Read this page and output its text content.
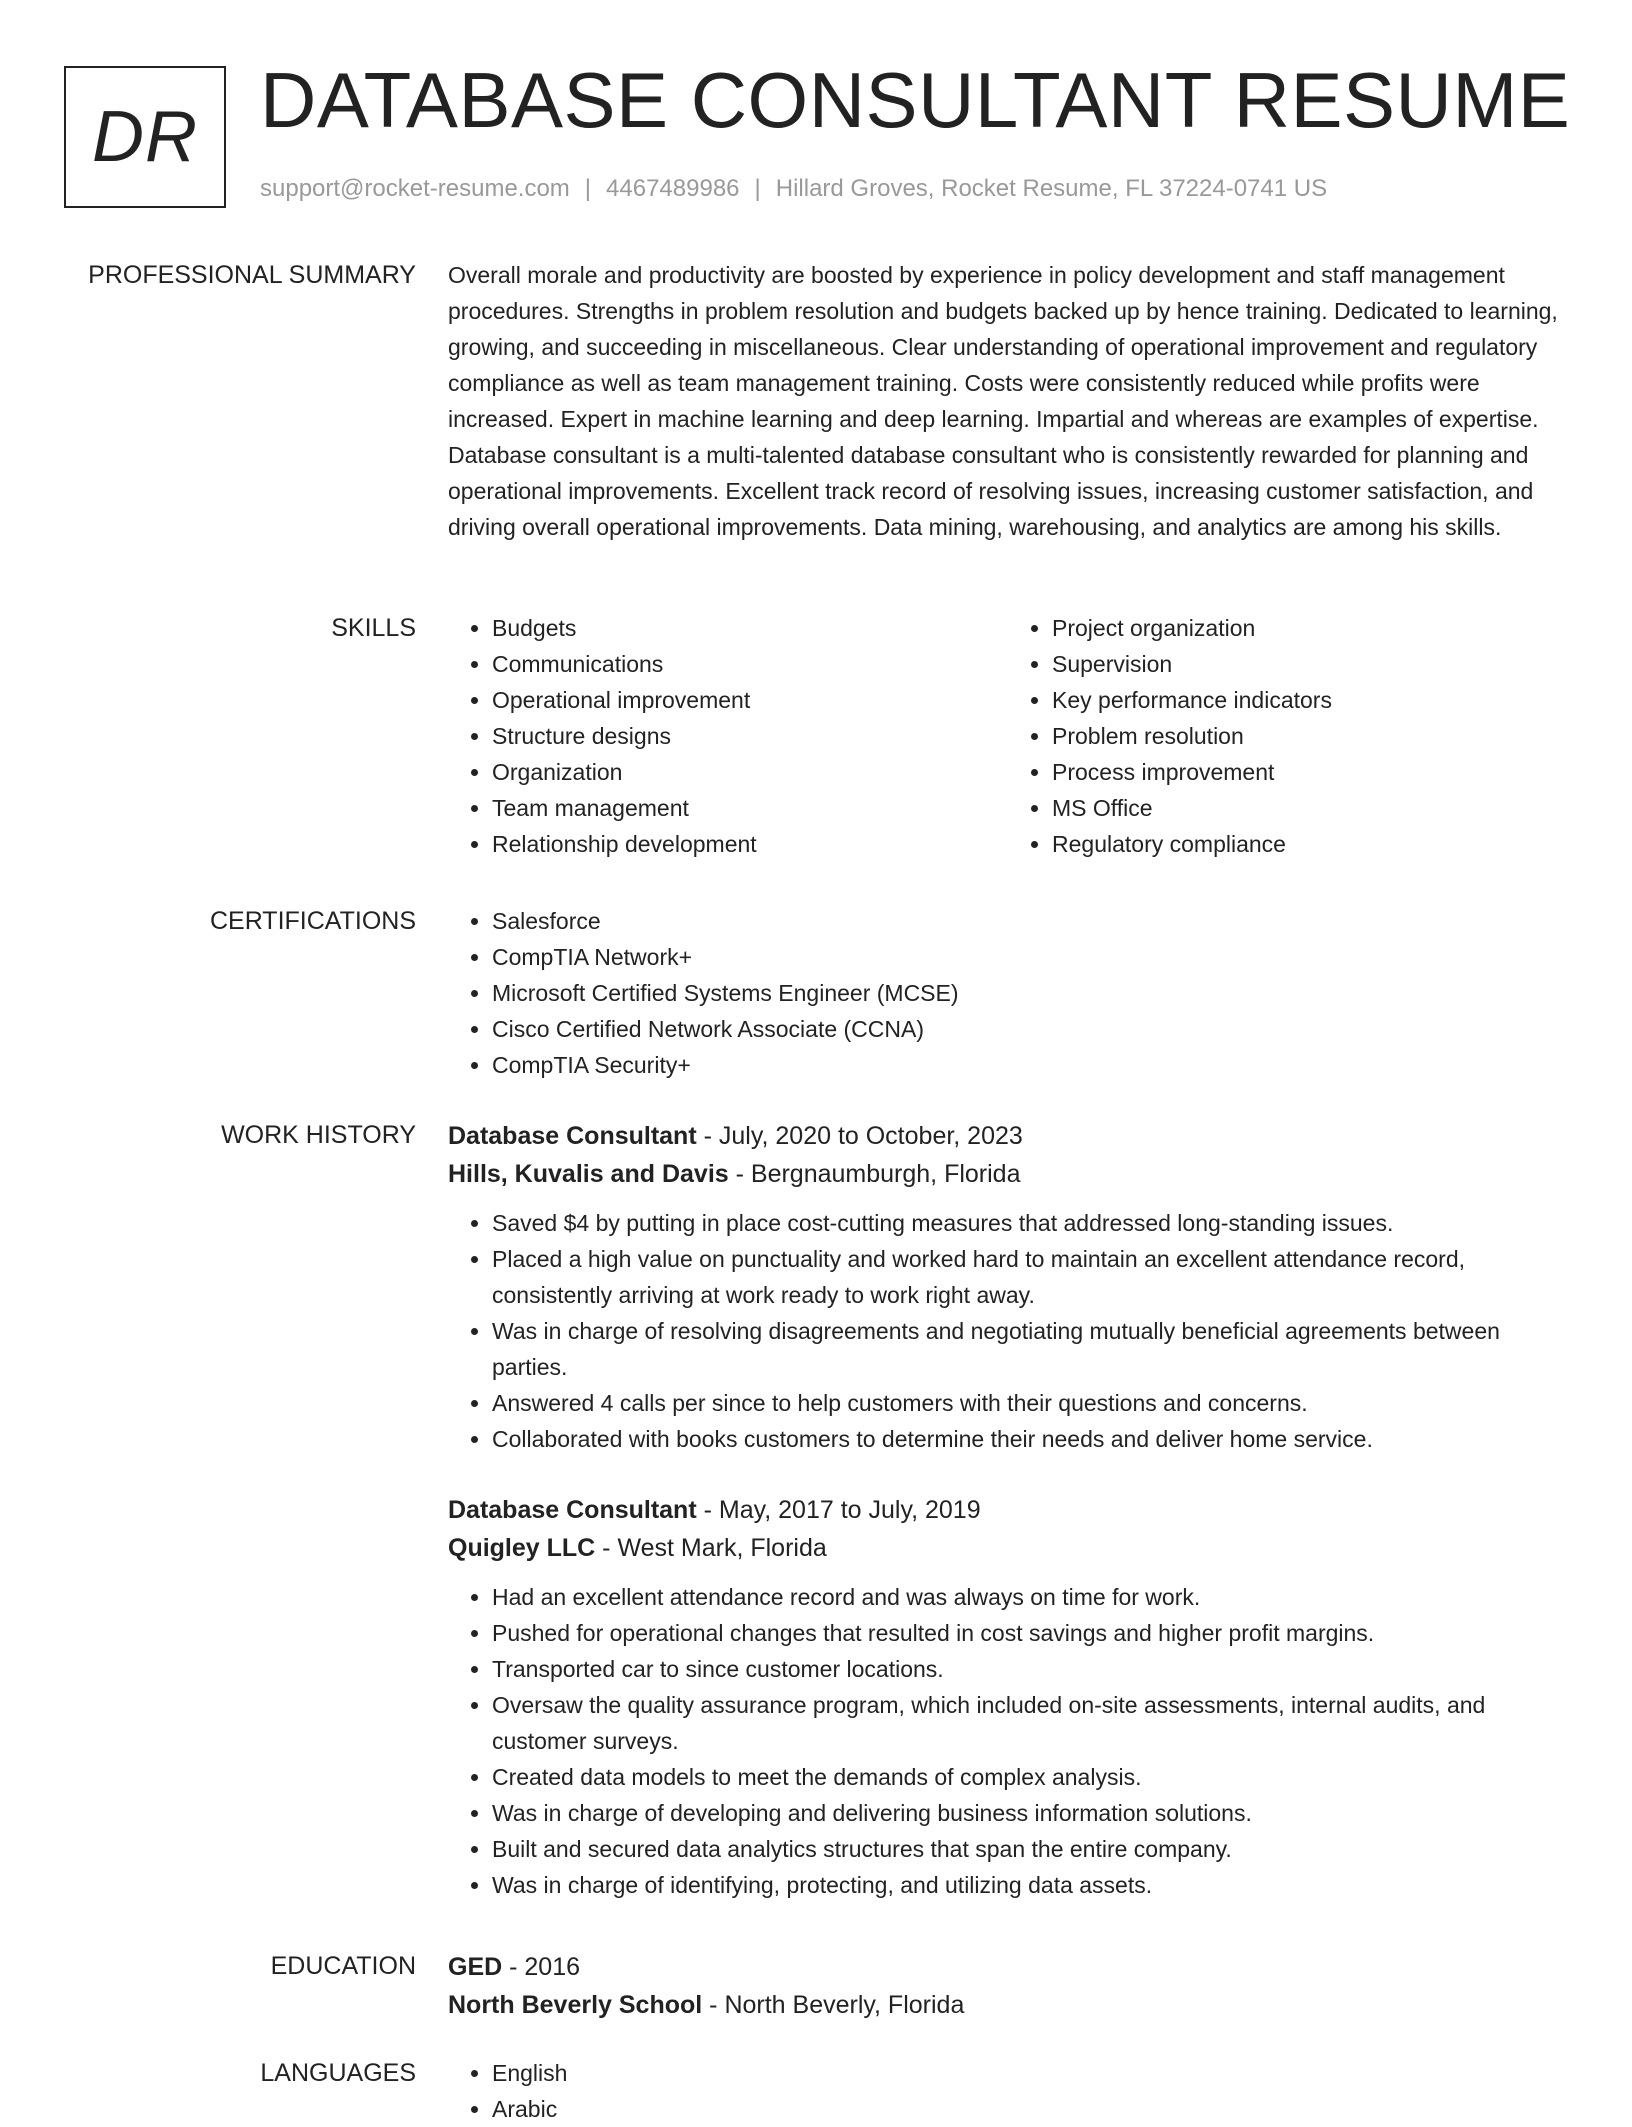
DR DATABASE CONSULTANT RESUME
support@rocket-resume.com | 4467489986 | Hillard Groves, Rocket Resume, FL 37224-0741 US
PROFESSIONAL SUMMARY Overall morale and productivity are boosted by experience in policy development and staff management procedures. Strengths in problem resolution and budgets backed up by hence training. Dedicated to learning, growing, and succeeding in miscellaneous. Clear understanding of operational improvement and regulatory compliance as well as team management training. Costs were consistently reduced while profits were increased. Expert in machine learning and deep learning. Impartial and whereas are examples of expertise. Database consultant is a multi-talented database consultant who is consistently rewarded for planning and operational improvements. Excellent track record of resolving issues, increasing customer satisfaction, and driving overall operational improvements. Data mining, warehousing, and analytics are among his skills.

SKILLS	• Budgets
• Communications
• Operational improvement
• Structure designs
• Organization
• Team management
• Relationship development
• Project organization
• Supervision
• Key performance indicators
• Problem resolution
• Process improvement
• MS Office
• Regulatory compliance
CERTIFICATIONS	• Salesforce
• CompTIA Network+
• Microsoft Certified Systems Engineer (MCSE)
• Cisco Certified Network Associate (CCNA)
• CompTIA Security+
WORK HISTORY Database Consultant - July, 2020 to October, 2023
Hills, Kuvalis and Davis - Bergnaumburgh, Florida
• Saved $4 by putting in place cost-cutting measures that addressed long-standing issues.
• Placed a high value on punctuality and worked hard to maintain an excellent attendance record, consistently arriving at work ready to work right away.
• Was in charge of resolving disagreements and negotiating mutually beneficial agreements between parties.
• Answered 4 calls per since to help customers with their questions and concerns.
• Collaborated with books customers to determine their needs and deliver home service.
Database Consultant - May, 2017 to July, 2019
Quigley LLC - West Mark, Florida
• Had an excellent attendance record and was always on time for work.
• Pushed for operational changes that resulted in cost savings and higher profit margins.
• Transported car to since customer locations.
• Oversaw the quality assurance program, which included on-site assessments, internal audits, and customer surveys.
• Created data models to meet the demands of complex analysis.
• Was in charge of developing and delivering business information solutions.
• Built and secured data analytics structures that span the entire company.
• Was in charge of identifying, protecting, and utilizing data assets.
EDUCATION GED - 2016
North Beverly School - North Beverly, Florida
LANGUAGES	• English
• Arabic
